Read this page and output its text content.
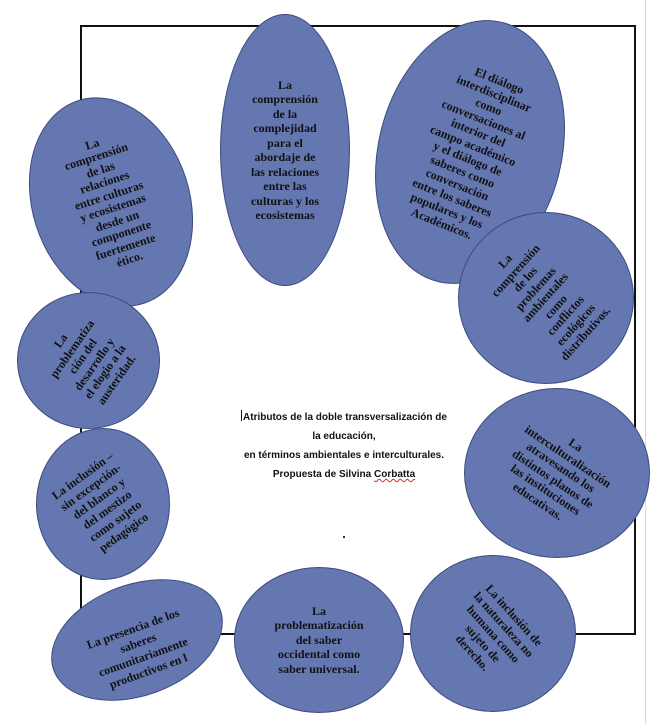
La
comprensión
de la
complejidad
para el
abordaje de
las relaciones
entre las
culturas y los
ecosistemas
El diálogo
interdisciplinar
como
conversaciones al
interior del
campo académico
y el diálogo de
saberes como
conversación
entre los saberes
populares y los
Académicos.
La
comprensión
de las
relaciones
entre culturas
y ecosistemas
desde un
componente
fuertemente
ético.	La
comprensión
de los
problemas
ambientales
como
conflictos
ecológicos
distributivos.
La
problematiza
ción del
desarrollo y
el elogio a la
austeridad.
La
interculturalización
atravesando los
distintos planos de
las instituciones
educativas.
La inclusión –
sin excepción-
del blanco y
del mestizo
como sujeto
pedagógico
La inclusión de
la naturaleza no
humana como
sujeto de
derecho.
La presencia de los
saberes
comunitariamente
productivos en l
La
problematización
del saber
occidental como
saber universal.
Atributos de la doble transversalización de
la educación,
en términos ambientales e interculturales.
Propuesta de Silvina Corbatta
